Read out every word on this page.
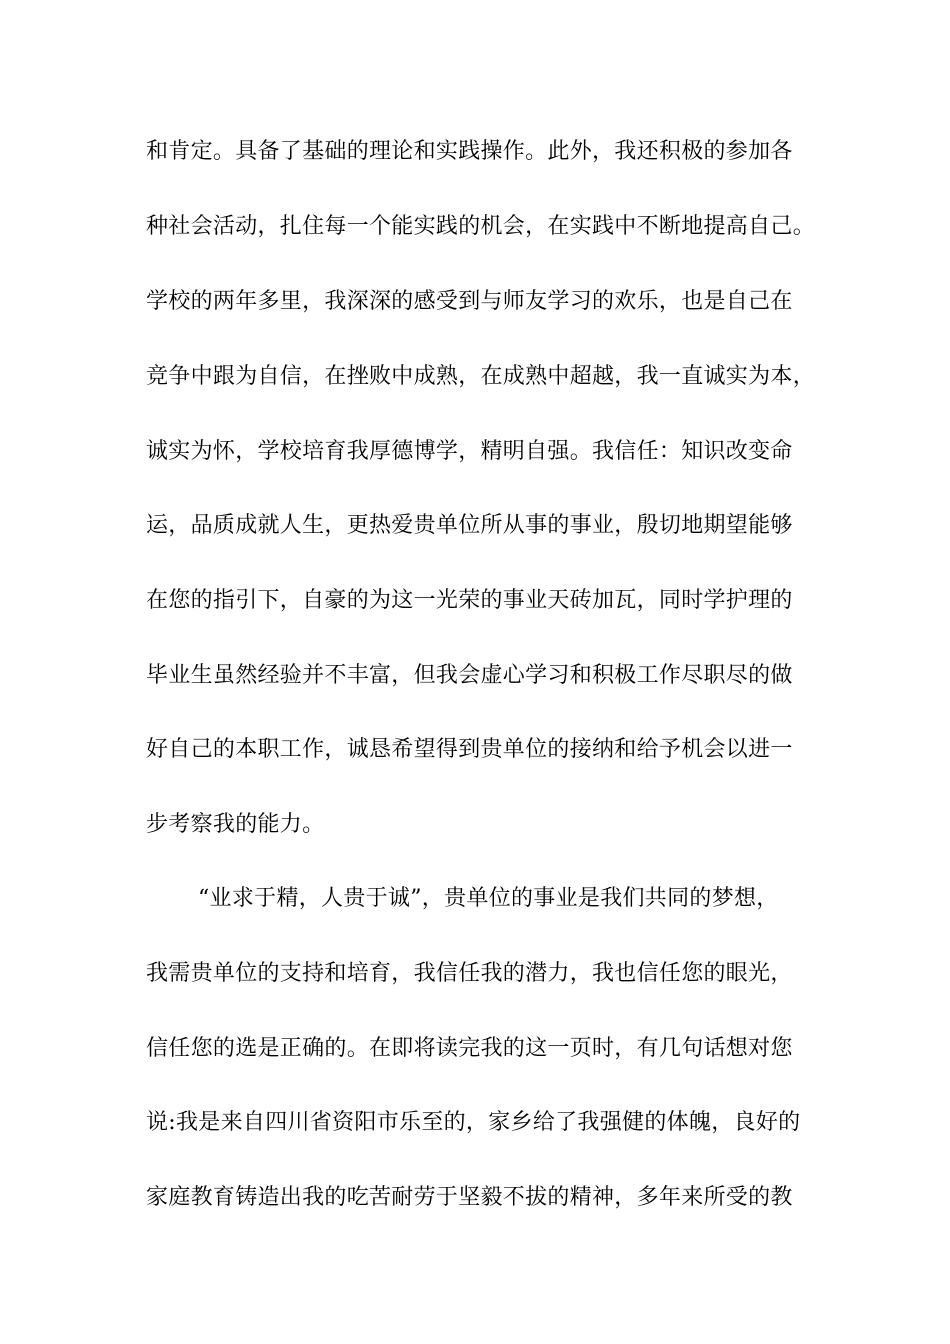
和肯定。具备了基础的理论和实践操作。此外，我还积极的参加各
种社会活动，扎住每一个能实践的机会，在实践中不断地提高自己。
学校的两年多里，我深深的感受到与师友学习的欢乐，也是自己在
竞争中跟为自信，在挫败中成熟，在成熟中超越，我一直诚实为本，
诚实为怀，学校培育我厚德博学，精明自强。我信任：知识改变命
运，品质成就人生，更热爱贵单位所从事的事业，殷切地期望能够
在您的指引下，自豪的为这一光荣的事业天砖加瓦，同时学护理的
毕业生虽然经验并不丰富，但我会虚心学习和积极工作尽职尽的做
好自己的本职工作，诚恳希望得到贵单位的接纳和给予机会以进一
步考察我的能力。
“业求于精，人贵于诚”，贵单位的事业是我们共同的梦想，
我需贵单位的支持和培育，我信任我的潜力，我也信任您的眼光，
信任您的选是正确的。在即将读完我的这一页时，有几句话想对您
说:我是来自四川省资阳市乐至的，家乡给了我强健的体魄，良好的
家庭教育铸造出我的吃苦耐劳于坚毅不拔的精神，多年来所受的教
